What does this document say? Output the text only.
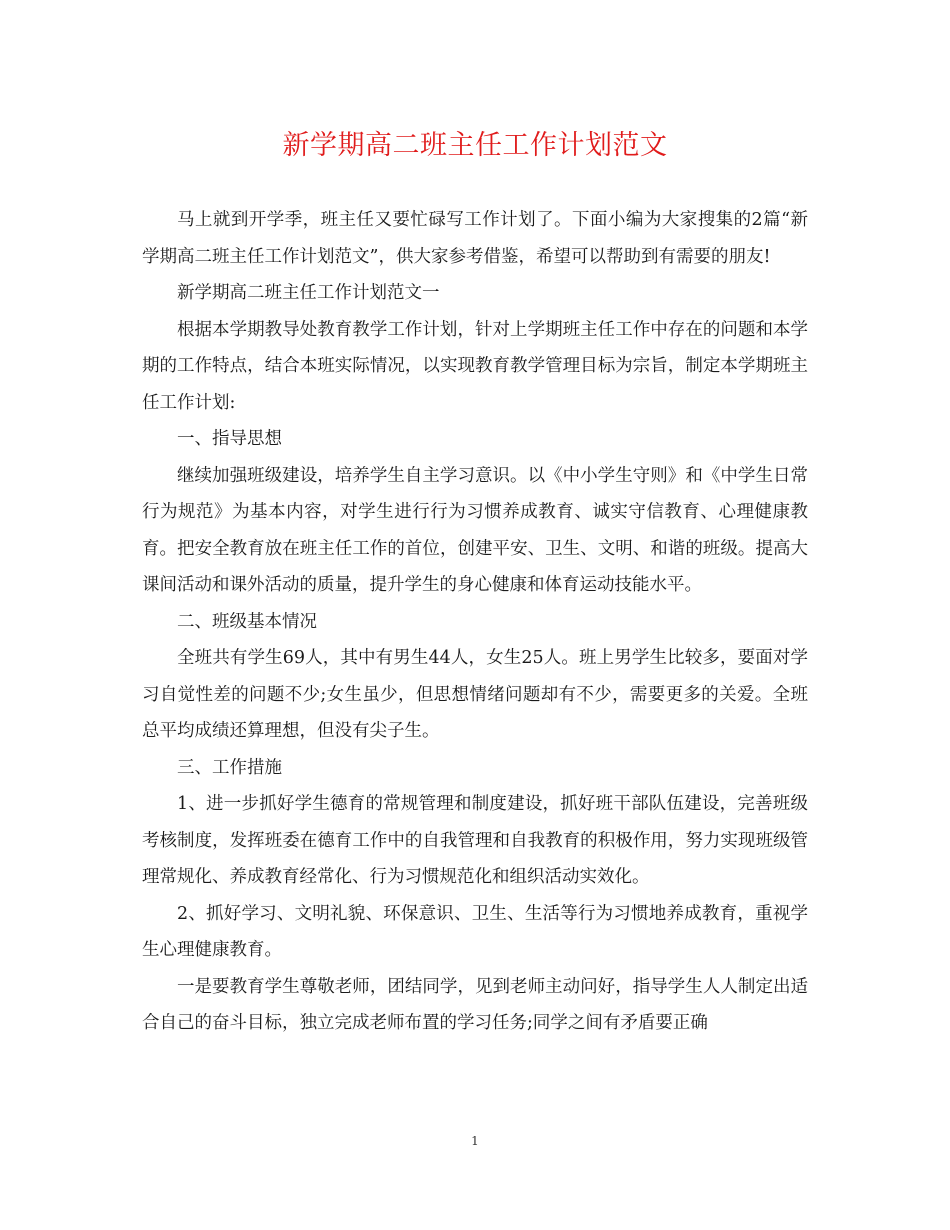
新学期高二班主任工作计划范文

马上就到开学季，班主任又要忙碌写工作计划了。下面小编为大家搜集的2篇“新学期高二班主任工作计划范文”，供大家参考借鉴，希望可以帮助到有需要的朋友!

新学期高二班主任工作计划范文一

根据本学期教导处教育教学工作计划，针对上学期班主任工作中存在的问题和本学期的工作特点，结合本班实际情况，以实现教育教学管理目标为宗旨，制定本学期班主任工作计划:

一、指导思想

继续加强班级建设，培养学生自主学习意识。以《中小学生守则》和《中学生日常行为规范》为基本内容，对学生进行行为习惯养成教育、诚实守信教育、心理健康教育。把安全教育放在班主任工作的首位，创建平安、卫生、文明、和谐的班级。提高大课间活动和课外活动的质量，提升学生的身心健康和体育运动技能水平。

二、班级基本情况

全班共有学生69人，其中有男生44人，女生25人。班上男学生比较多，要面对学习自觉性差的问题不少;女生虽少，但思想情绪问题却有不少，需要更多的关爱。全班总平均成绩还算理想，但没有尖子生。

三、工作措施

1、进一步抓好学生德育的常规管理和制度建设，抓好班干部队伍建设，完善班级考核制度，发挥班委在德育工作中的自我管理和自我教育的积极作用，努力实现班级管理常规化、养成教育经常化、行为习惯规范化和组织活动实效化。

2、抓好学习、文明礼貌、环保意识、卫生、生活等行为习惯地养成教育，重视学生心理健康教育。

一是要教育学生尊敬老师，团结同学，见到老师主动问好，指导学生人人制定出适合自己的奋斗目标，独立完成老师布置的学习任务;同学之间有矛盾要正确

1
